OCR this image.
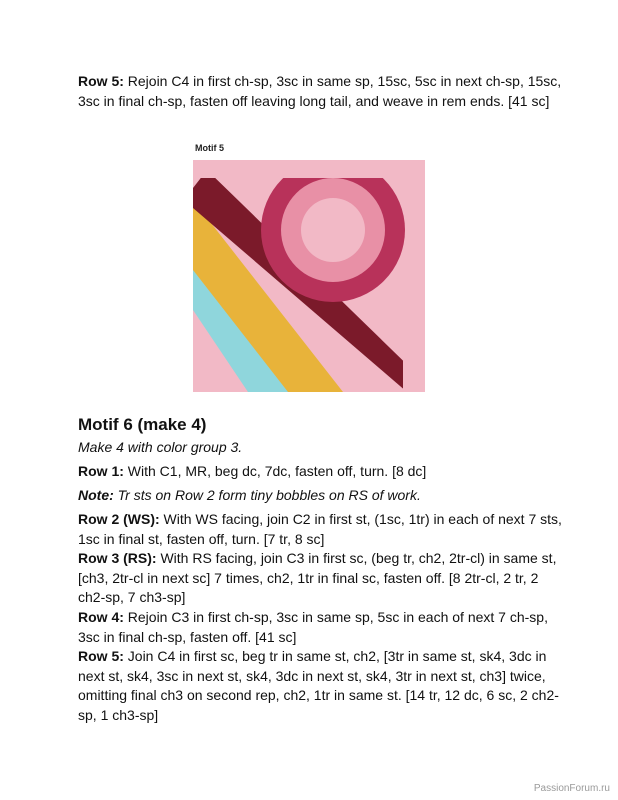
Row 5: Rejoin C4 in first ch-sp, 3sc in same sp, 15sc, 5sc in next ch-sp, 15sc, 3sc in final ch-sp, fasten off leaving long tail, and weave in rem ends. [41 sc]
Motif 5
Motif 6 (make 4)
Make 4 with color group 3.
Row 1: With C1, MR, beg dc, 7dc, fasten off, turn. [8 dc]
Note: Tr sts on Row 2 form tiny bobbles on RS of work.
Row 2 (WS): With WS facing, join C2 in first st, (1sc, 1tr) in each of next 7 sts, 1sc in final st, fasten off, turn. [7 tr, 8 sc]
Row 3 (RS): With RS facing, join C3 in first sc, (beg tr, ch2, 2tr-cl) in same st, [ch3, 2tr-cl in next sc] 7 times, ch2, 1tr in final sc, fasten off. [8 2tr-cl, 2 tr, 2 ch2-sp, 7 ch3-sp]
Row 4: Rejoin C3 in first ch-sp, 3sc in same sp, 5sc in each of next 7 ch-sp, 3sc in final ch-sp, fasten off. [41 sc]
Row 5: Join C4 in first sc, beg tr in same st, ch2, [3tr in same st, sk4, 3dc in next st, sk4, 3sc in next st, sk4, 3dc in next st, sk4, 3tr in next st, ch3] twice, omitting final ch3 on second rep, ch2, 1tr in same st. [14 tr, 12 dc, 6 sc, 2 ch2-sp, 1 ch3-sp]
PassionForum.ru
